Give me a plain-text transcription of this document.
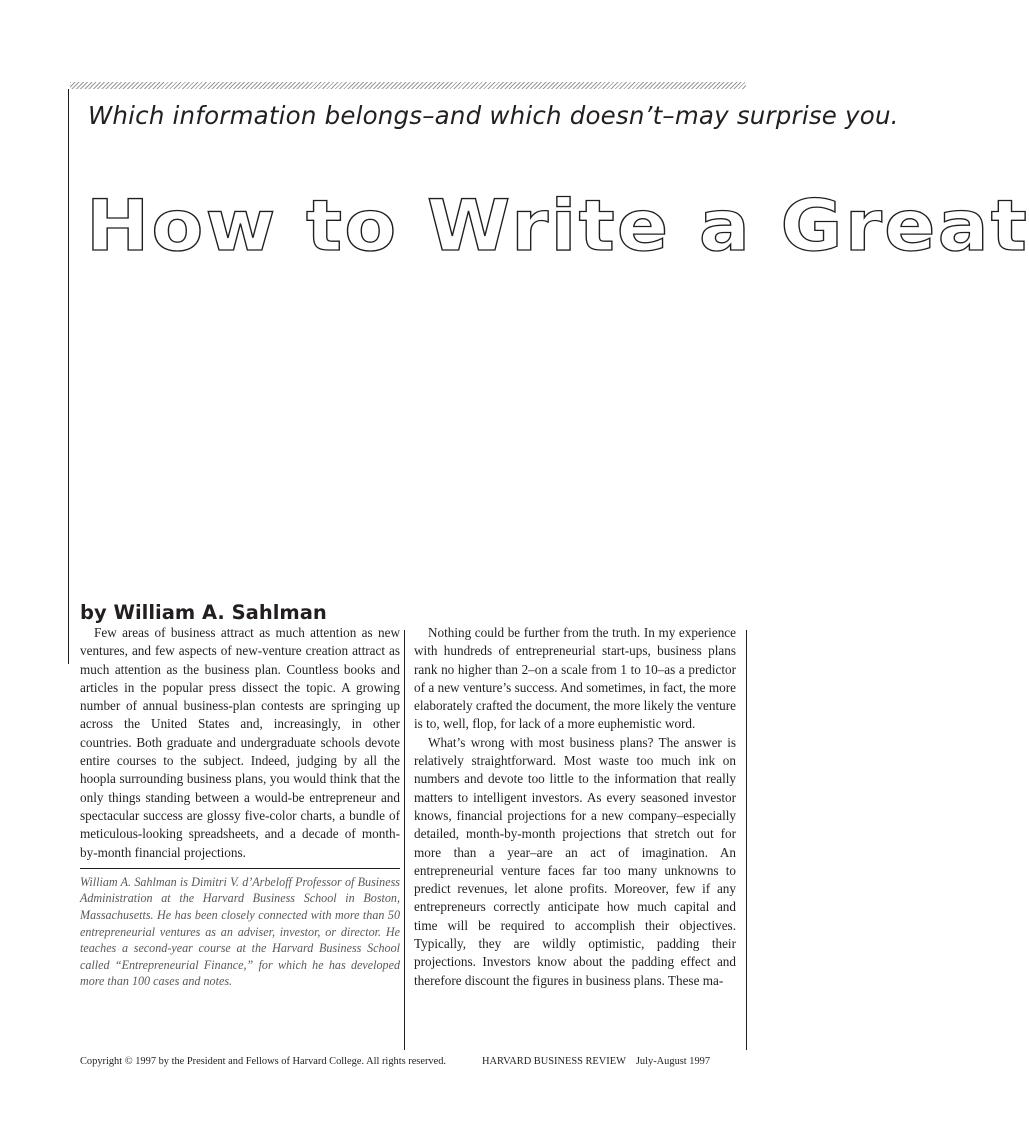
Which information belongs–and which doesn’t–may surprise you.

How to Write a Great

by William A. Sahlman

Few areas of business attract as much attention as new ventures, and few aspects of new-venture creation attract as much attention as the business plan. Countless books and articles in the popular press dissect the topic. A growing number of annual business-plan contests are springing up across the United States and, increasingly, in other countries. Both graduate and undergraduate schools devote entire courses to the subject. Indeed, judging by all the hoopla surrounding business plans, you would think that the only things standing between a would-be entrepreneur and spectacular success are glossy five-color charts, a bundle of meticulous-looking spreadsheets, and a decade of month-by-month financial projections.

William A. Sahlman is Dimitri V. d’Arbeloff Professor of Business Administration at the Harvard Business School in Boston, Massachusetts. He has been closely connected with more than 50 entrepreneurial ventures as an adviser, investor, or director. He teaches a second-year course at the Harvard Business School called “Entrepreneurial Finance,” for which he has developed more than 100 cases and notes.

Nothing could be further from the truth. In my experience with hundreds of entrepreneurial start-ups, business plans rank no higher than 2–on a scale from 1 to 10–as a predictor of a new venture’s success. And sometimes, in fact, the more elaborately crafted the document, the more likely the venture is to, well, flop, for lack of a more euphemistic word.

What’s wrong with most business plans? The answer is relatively straightforward. Most waste too much ink on numbers and devote too little to the information that really matters to intelligent investors. As every seasoned investor knows, financial projections for a new company–especially detailed, month-by-month projections that stretch out for more than a year–are an act of imagination. An entrepreneurial venture faces far too many unknowns to predict revenues, let alone profits. Moreover, few if any entrepreneurs correctly anticipate how much capital and time will be required to accomplish their objectives. Typically, they are wildly optimistic, padding their projections. Investors know about the padding effect and therefore discount the figures in business plans. These ma-

Copyright © 1997 by the President and Fellows of Harvard College. All rights reserved.	HARVARD BUSINESS REVIEW July-August 1997
